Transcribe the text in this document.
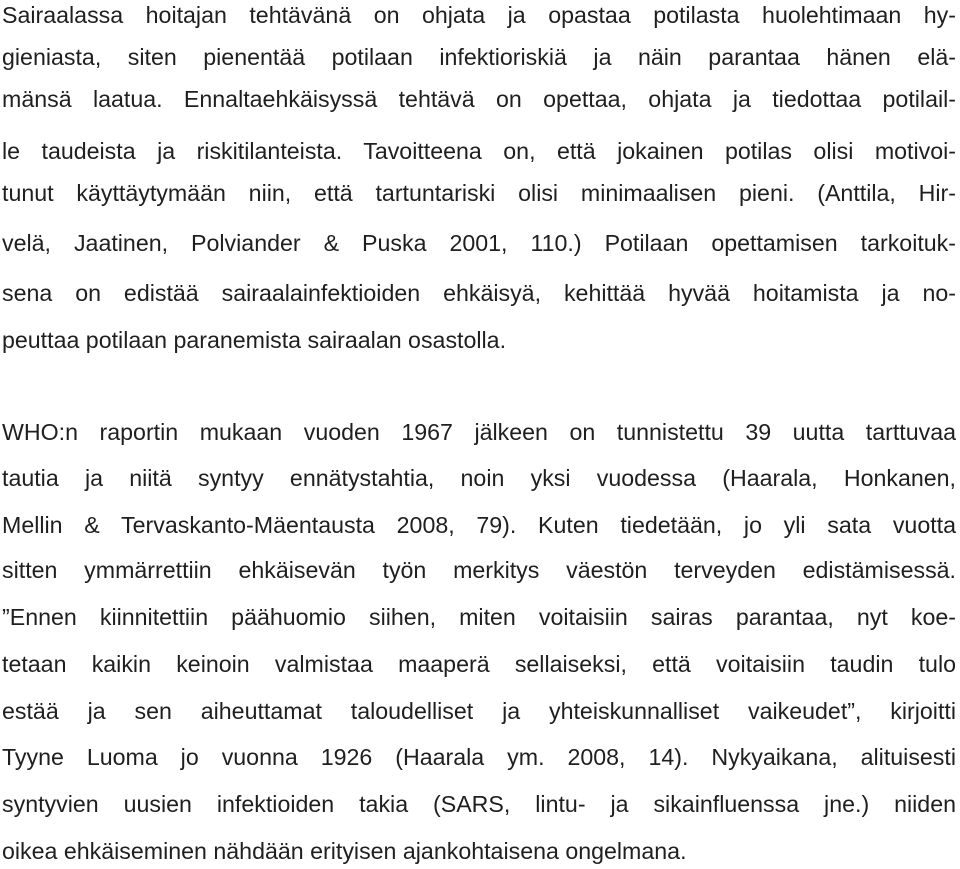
Sairaalassa hoitajan tehtävänä on ohjata ja opastaa potilasta huolehtimaan hy-
gieniasta, siten pienentää potilaan infektioriskiä ja näin parantaa hänen elä-
mänsä laatua. Ennaltaehkäisyssä tehtävä on opettaa, ohjata ja tiedottaa potilail-
le taudeista ja riskitilanteista. Tavoitteena on, että jokainen potilas olisi motivoi-
tunut käyttäytymään niin, että tartuntariski olisi minimaalisen pieni. (Anttila, Hir-
velä, Jaatinen, Polviander & Puska 2001, 110.) Potilaan opettamisen tarkoituk-
sena on edistää sairaalainfektioiden ehkäisyä, kehittää hyvää hoitamista ja no-
peuttaa potilaan paranemista sairaalan osastolla.
WHO:n raportin mukaan vuoden 1967 jälkeen on tunnistettu 39 uutta tarttuvaa
tautia ja niitä syntyy ennätystahtia, noin yksi vuodessa (Haarala, Honkanen,
Mellin & Tervaskanto-Mäentausta 2008, 79). Kuten tiedetään, jo yli sata vuotta
sitten ymmärrettiin ehkäisevän työn merkitys väestön terveyden edistämisessä.
”Ennen kiinnitettiin päähuomio siihen, miten voitaisiin sairas parantaa, nyt koe-
tetaan kaikin keinoin valmistaa maaperä sellaiseksi, että voitaisiin taudin tulo
estää ja sen aiheuttamat taloudelliset ja yhteiskunnalliset vaikeudet”, kirjoitti
Tyyne Luoma jo vuonna 1926 (Haarala ym. 2008, 14). Nykyaikana, alituisesti
syntyvien uusien infektioiden takia (SARS, lintu- ja sikainfluenssa jne.) niiden
oikea ehkäiseminen nähdään erityisen ajankohtaisena ongelmana.
